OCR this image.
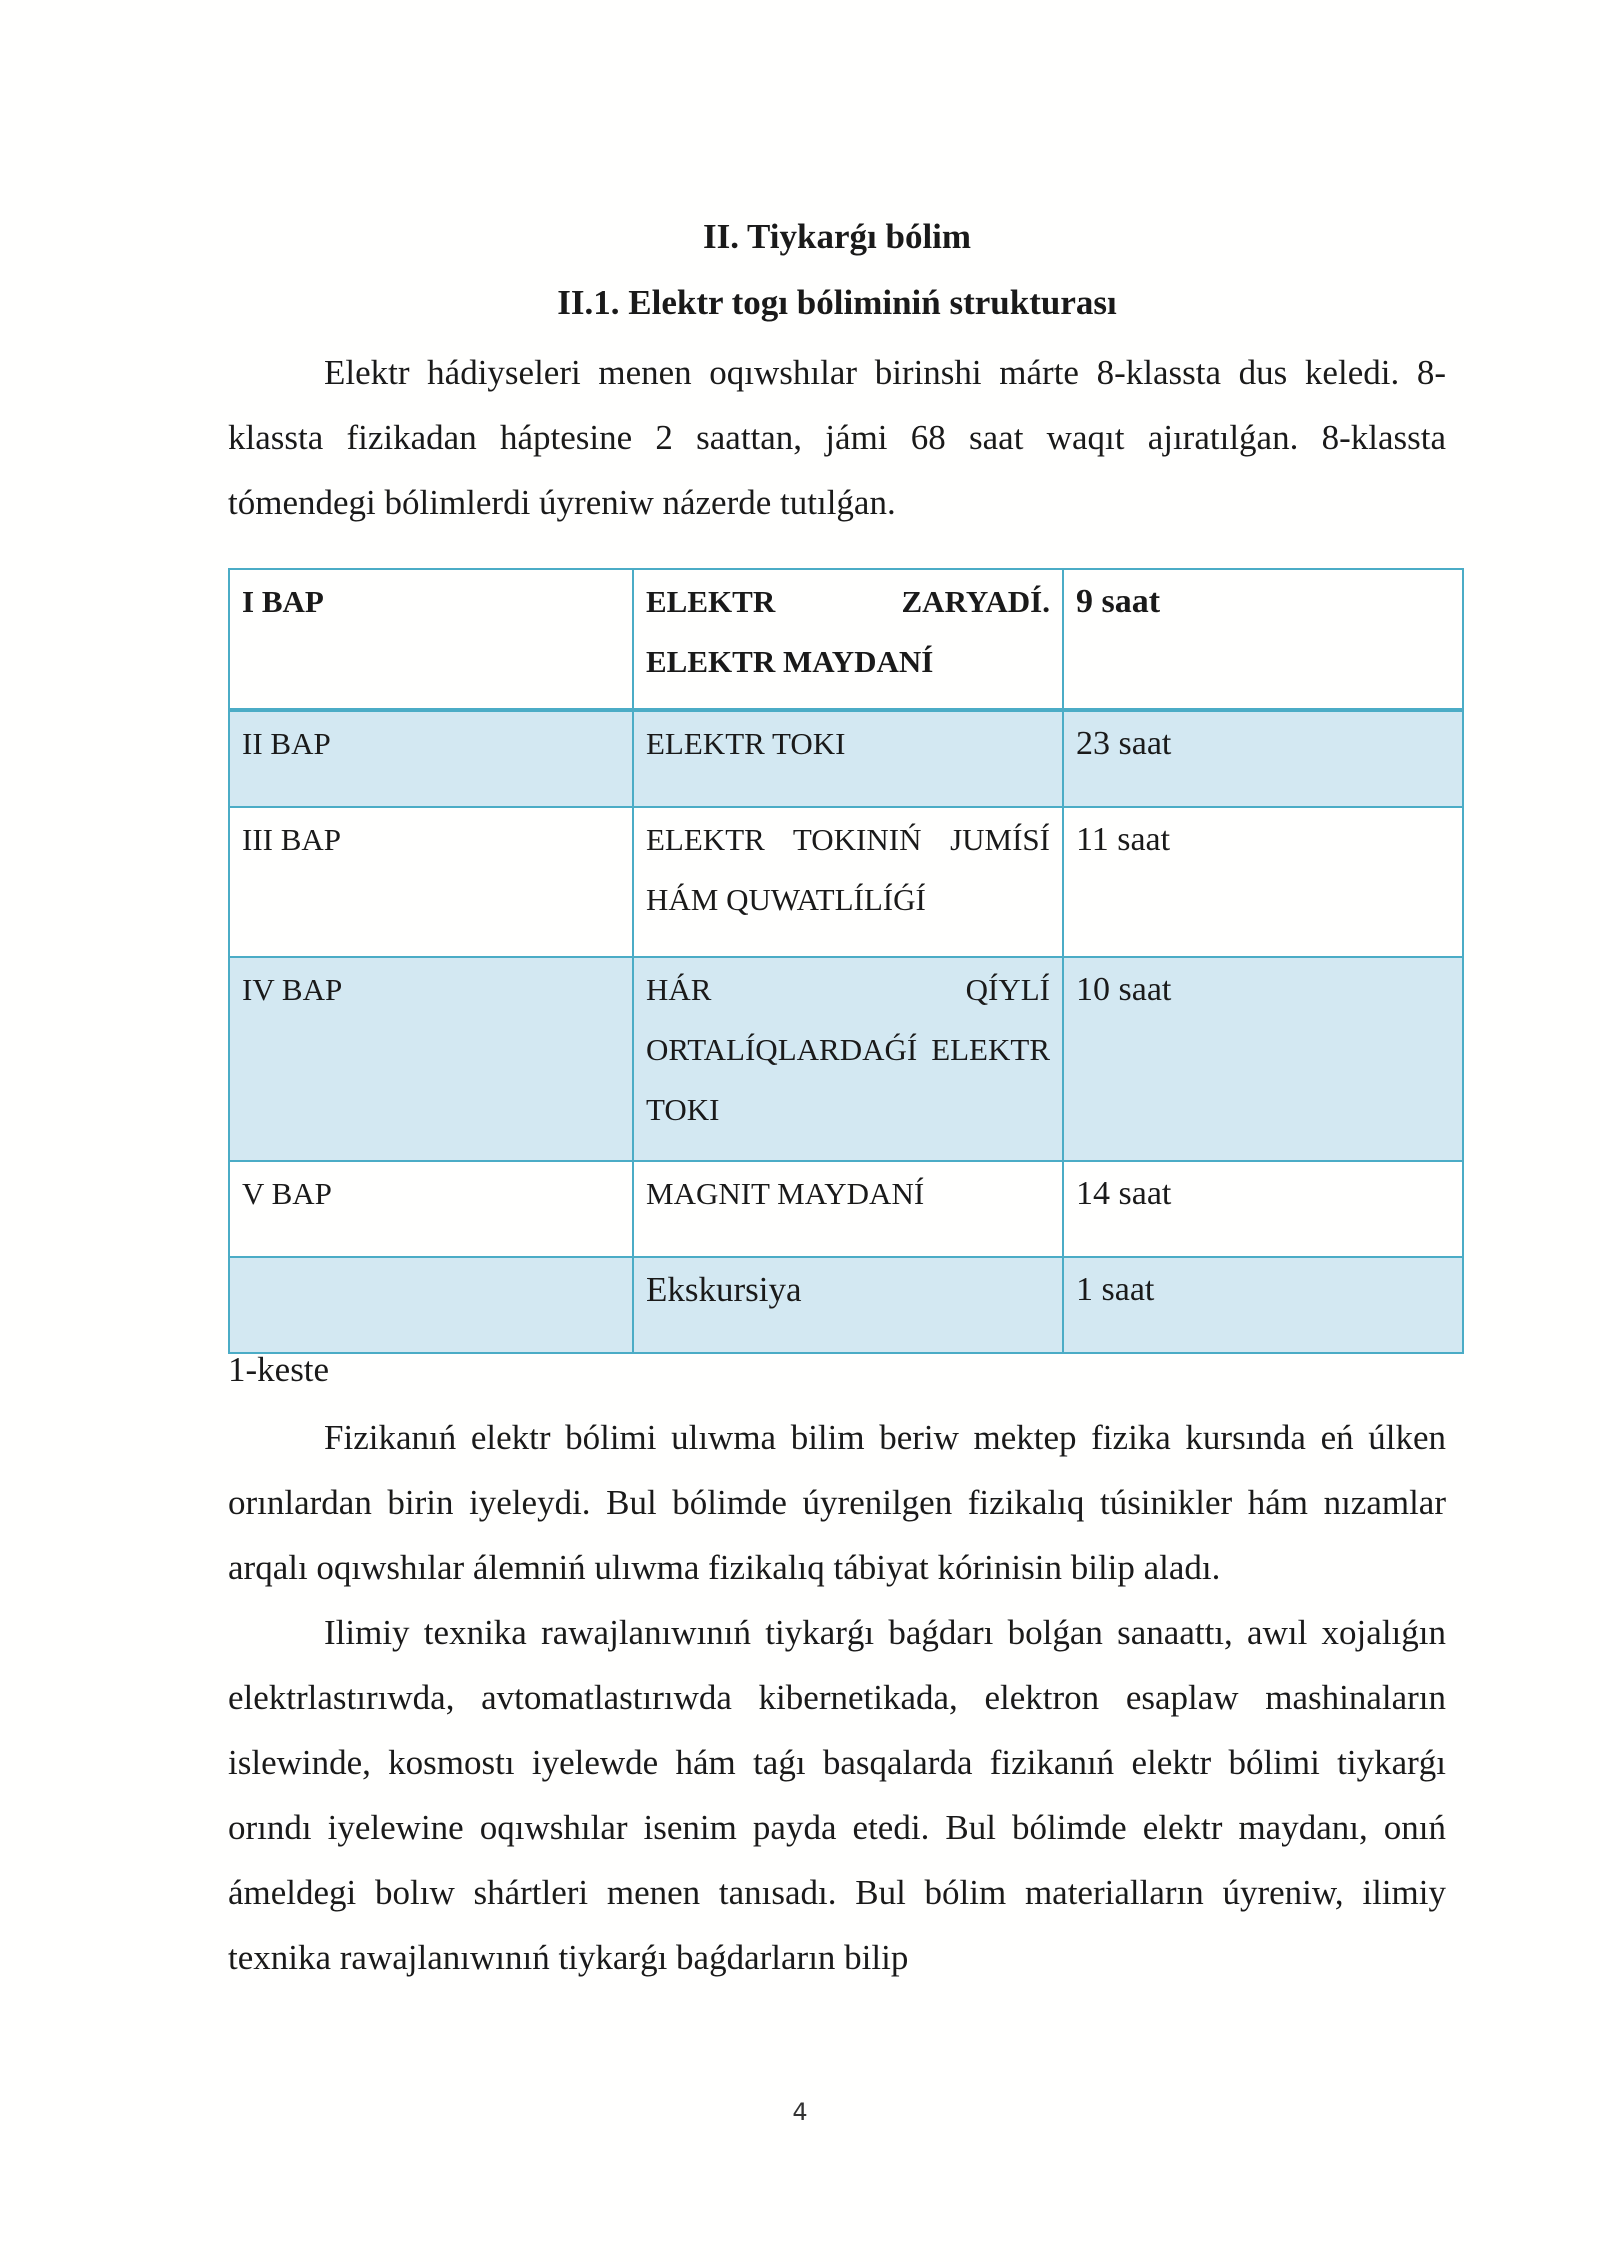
II. Tiykarǵı bólim
II.1. Elektr togı bóliminiń strukturası

Elektr hádiyseleri menen oqıwshılar birinshi márte 8-klassta dus keledi. 8-klassta fizikadan háptesine 2 saattan, jámi 68 saat waqıt ajıratılǵan. 8-klassta tómendegi bólimlerdi úyreniw názerde tutılǵan.

I BAP	ELEKTR ZARYADÍ. ELEKTR MAYDANÍ	9 saat
II BAP	ELEKTR TOKI	23 saat
III BAP	ELEKTR TOKINIŃ JUMÍSÍ HÁM QUWATLÍLÍǴÍ	11 saat
IV BAP	HÁR QÍYLÍ ORTALÍQLARDAǴÍ ELEKTR TOKI	10 saat
V BAP	MAGNIT MAYDANÍ	14 saat
	Ekskursiya	1 saat
1-keste

Fizikanıń elektr bólimi ulıwma bilim beriw mektep fizika kursında eń úlken orınlardan birin iyeleydi. Bul bólimde úyrenilgen fizikalıq túsinikler hám nızamlar arqalı oqıwshılar álemniń ulıwma fizikalıq tábiyat kórinisin bilip aladı.

Ilimiy texnika rawajlanıwınıń tiykarǵı baǵdarı bolǵan sanaattı, awıl xojalıǵın elektrlastırıwda, avtomatlastırıwda kibernetikada, elektron esaplaw mashinaların islewinde, kosmostı iyelewde hám taǵı basqalarda fizikanıń elektr bólimi tiykarǵı orındı iyelewine oqıwshılar isenim payda etedi. Bul bólimde elektr maydanı, onıń ámeldegi bolıw shártleri menen tanısadı. Bul bólim materialların úyreniw, ilimiy texnika rawajlanıwınıń tiykarǵı baǵdarların bilip

4
